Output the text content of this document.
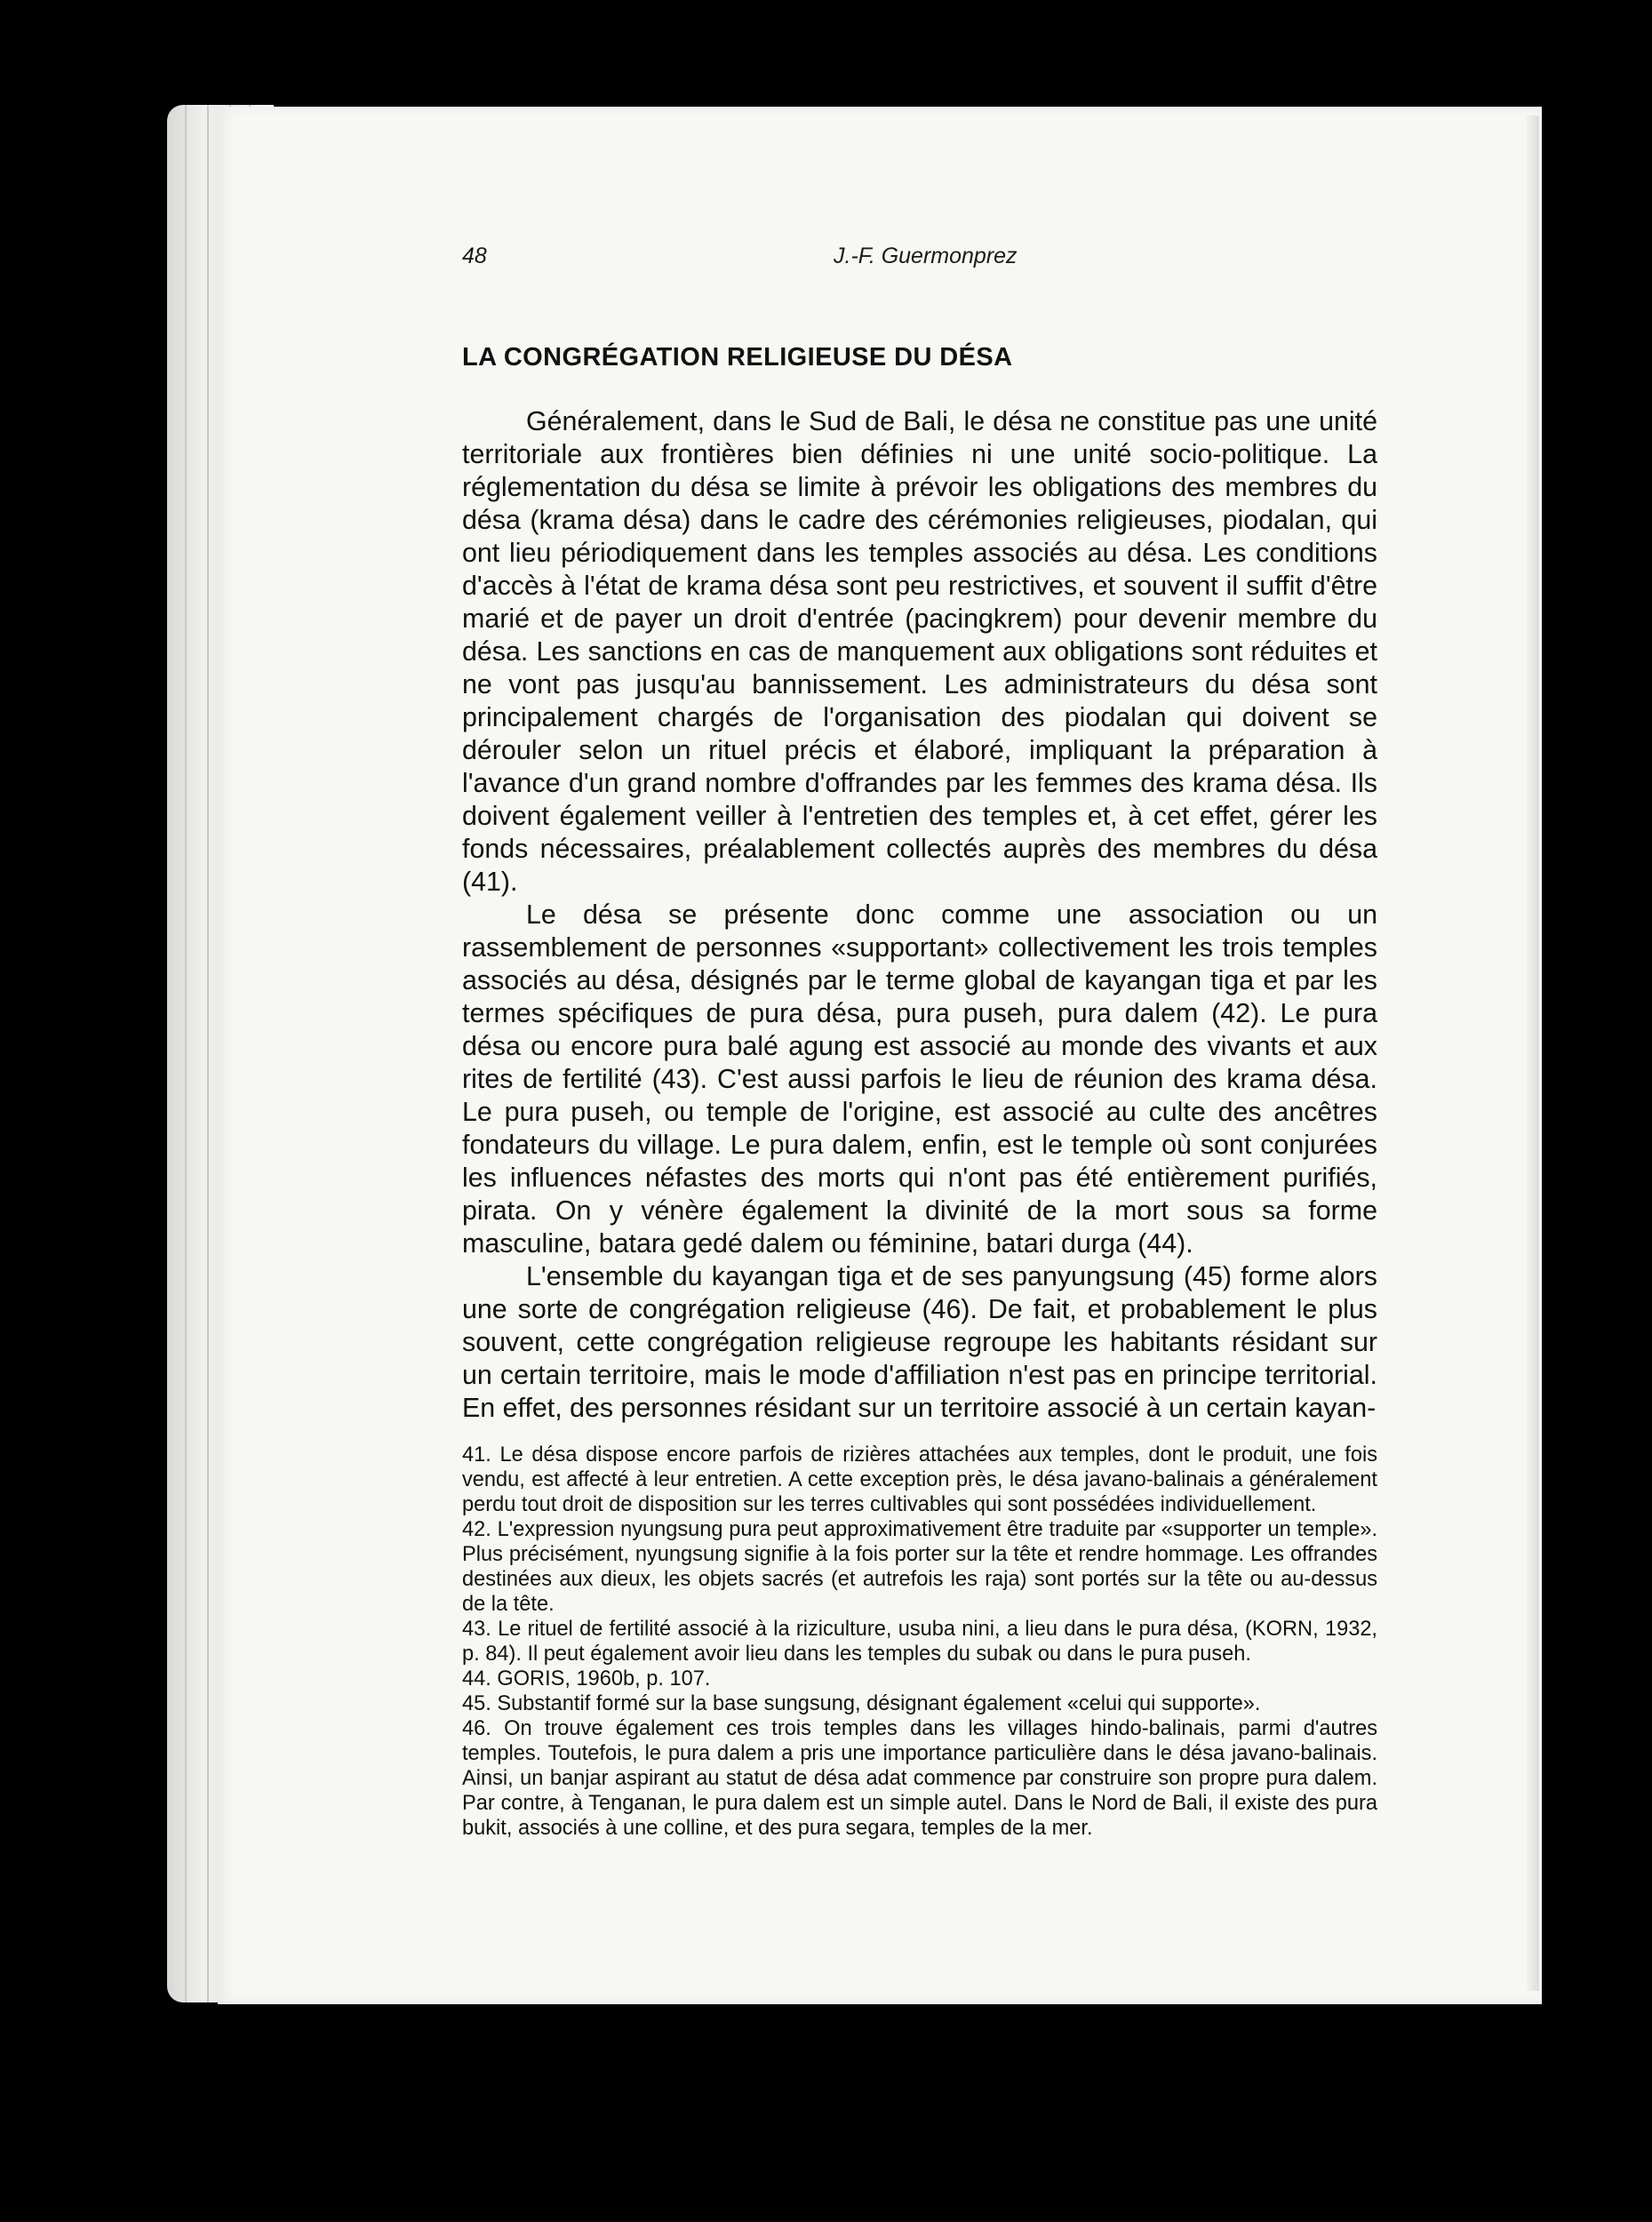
48	J.-F. Guermonprez
LA CONGRÉGATION RELIGIEUSE DU DÉSA

Généralement, dans le Sud de Bali, le désa ne constitue pas une unité territoriale aux frontières bien définies ni une unité socio-politique. La réglementation du désa se limite à prévoir les obligations des membres du désa (krama désa) dans le cadre des cérémonies religieuses, piodalan, qui ont lieu périodiquement dans les temples associés au désa. Les conditions d'accès à l'état de krama désa sont peu restrictives, et souvent il suffit d'être marié et de payer un droit d'entrée (pacingkrem) pour devenir membre du désa. Les sanctions en cas de manquement aux obligations sont réduites et ne vont pas jusqu'au bannissement. Les administrateurs du désa sont principalement chargés de l'organisation des piodalan qui doivent se dérouler selon un rituel précis et élaboré, impliquant la préparation à l'avance d'un grand nombre d'offrandes par les femmes des krama désa. Ils doivent également veiller à l'entretien des temples et, à cet effet, gérer les fonds nécessaires, préalablement collectés auprès des membres du désa (41).

Le désa se présente donc comme une association ou un rassemblement de personnes «supportant» collectivement les trois temples associés au désa, désignés par le terme global de kayangan tiga et par les termes spécifiques de pura désa, pura puseh, pura dalem (42). Le pura désa ou encore pura balé agung est associé au monde des vivants et aux rites de fertilité (43). C'est aussi parfois le lieu de réunion des krama désa. Le pura puseh, ou temple de l'origine, est associé au culte des ancêtres fondateurs du village. Le pura dalem, enfin, est le temple où sont conjurées les influences néfastes des morts qui n'ont pas été entièrement purifiés, pirata. On y vénère également la divinité de la mort sous sa forme masculine, batara gedé dalem ou féminine, batari durga (44).

L'ensemble du kayangan tiga et de ses panyungsung (45) forme alors une sorte de congrégation religieuse (46). De fait, et probablement le plus souvent, cette congrégation religieuse regroupe les habitants résidant sur un certain territoire, mais le mode d'affiliation n'est pas en principe territorial. En effet, des personnes résidant sur un territoire associé à un certain kayan-

41. Le désa dispose encore parfois de rizières attachées aux temples, dont le produit, une fois vendu, est affecté à leur entretien. A cette exception près, le désa javano-balinais a généralement perdu tout droit de disposition sur les terres cultivables qui sont possédées individuellement.

42. L'expression nyungsung pura peut approximativement être traduite par «supporter un temple». Plus précisément, nyungsung signifie à la fois porter sur la tête et rendre hommage. Les offrandes destinées aux dieux, les objets sacrés (et autrefois les raja) sont portés sur la tête ou au-dessus de la tête.

43. Le rituel de fertilité associé à la riziculture, usuba nini, a lieu dans le pura désa, (KORN, 1932, p. 84). Il peut également avoir lieu dans les temples du subak ou dans le pura puseh.

44. GORIS, 1960b, p. 107.

45. Substantif formé sur la base sungsung, désignant également «celui qui supporte».

46. On trouve également ces trois temples dans les villages hindo-balinais, parmi d'autres temples. Toutefois, le pura dalem a pris une importance particulière dans le désa javano-balinais. Ainsi, un banjar aspirant au statut de désa adat commence par construire son propre pura dalem. Par contre, à Tenganan, le pura dalem est un simple autel. Dans le Nord de Bali, il existe des pura bukit, associés à une colline, et des pura segara, temples de la mer.
